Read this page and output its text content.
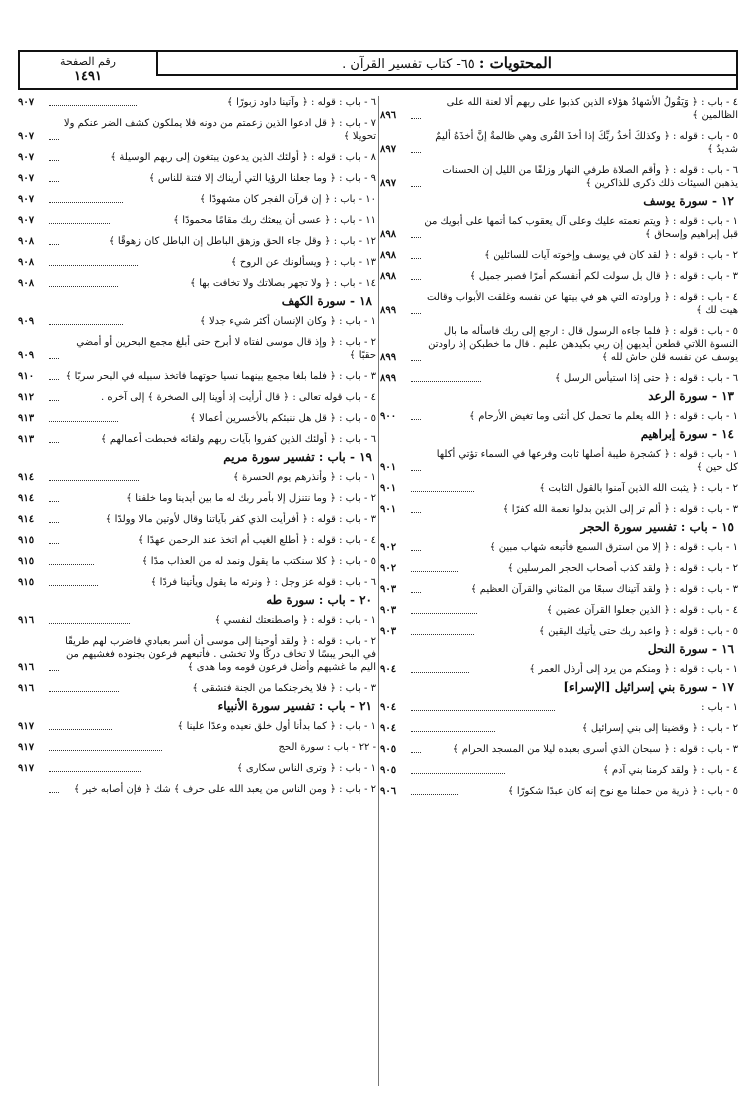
المحتويات : ٦٥- كتاب تفسير القرآن .
رقم الصفحة
١٤٩١
٤ - باب : ﴿ وَيَقُولُ الأشهادُ هؤلاء الذين كذبوا على ربهم ألا لعنة الله على الظالمين ﴾
٨٩٦
٥ - باب : قوله : ﴿ وكذلكَ أخذُ ربِّكَ إذا أخذَ القُرى وهي ظالمةٌ إنَّ أخذَهُ أليمٌ شديدٌ ﴾
٨٩٧
٦ - باب : قوله : ﴿ وأقم الصلاة طرفي النهار وزلفًا من الليل إن الحسنات يذهبن السيئات ذلك ذكرى للذاكرين ﴾
٨٩٧
١٢ - سورة يوسف
١ - باب : قوله : ﴿ ويتم نعمته عليك وعلى آل يعقوب كما أتمها على أبويك من قبل إبراهيم وإسحاق ﴾
٨٩٨
٢ - باب : قوله : ﴿ لقد كان في يوسف وإخوته آيات للسائلين ﴾
٨٩٨
٣ - باب : قوله : ﴿ قال بل سولت لكم أنفسكم أمرًا فصبر جميل ﴾
٨٩٨
٤ - باب : قوله : ﴿ وراودته التي هو في بيتها عن نفسه وغلقت الأبواب وقالت هيت لك ﴾
٨٩٩
٥ - باب : قوله : ﴿ فلما جاءه الرسول قال : ارجع إلى ربك فاسأله ما بال النسوة اللاتي قطعن أيديهن إن ربي بكيدهن عليم . قال ما خطبكن إذ راودتن يوسف عن نفسه قلن حاش لله ﴾
٨٩٩
٦ - باب : قوله : ﴿ حتى إذا استيأس الرسل ﴾
٨٩٩
١٣ - سورة الرعد
١ - باب : قوله : ﴿ الله يعلم ما تحمل كل أنثى وما تغيض الأرحام ﴾
٩٠٠
١٤ - سورة إبراهيم
١ - باب : قوله : ﴿ كشجرة طيبة أصلها ثابت وفرعها في السماء تؤتي أكلها كل حين ﴾
٩٠١
٢ - باب : ﴿ يثبت الله الذين آمنوا بالقول الثابت ﴾
٩٠١
٣ - باب : قوله : ﴿ ألم تر إلى الذين بدلوا نعمة الله كفرًا ﴾
٩٠١
١٥ - باب : تفسير سورة الحجر
١ - باب : قوله : ﴿ إلا من استرق السمع فأتبعه شهاب مبين ﴾
٩٠٢
٢ - باب : قوله : ﴿ ولقد كذب أصحاب الحجر المرسلين ﴾
٩٠٢
٣ - باب : قوله : ﴿ ولقد آتيناك سبعًا من المثاني والقرآن العظيم ﴾
٩٠٣
٤ - باب : قوله : ﴿ الذين جعلوا القرآن عضين ﴾
٩٠٣
٥ - باب : قوله : ﴿ واعبد ربك حتى يأتيك اليقين ﴾
٩٠٣
١٦ - سورة النحل
١ - باب : قوله : ﴿ ومنكم من يرد إلى أرذل العمر ﴾
٩٠٤
١٧ - سورة بني إسرائيل [الإسراء]
١ - باب :
٩٠٤
٢ - باب : ﴿ وقضينا إلى بني إسرائيل ﴾
٩٠٤
٣ - باب : قوله : ﴿ سبحان الذي أسرى بعبده ليلا من المسجد الحرام ﴾
٩٠٥
٤ - باب : ﴿ ولقد كرمنا بني آدم ﴾
٩٠٥
٥ - باب : ﴿ ذرية من حملنا مع نوح إنه كان عبدًا شكورًا ﴾
٩٠٦
٦ - باب : قوله : ﴿ وآتينا داود زبورًا ﴾
٩٠٧
٧ - باب : ﴿ قل ادعوا الذين زعمتم من دونه فلا يملكون كشف الضر عنكم ولا تحويلا ﴾
٩٠٧
٨ - باب : قوله : ﴿ أولئك الذين يدعون يبتغون إلى ربهم الوسيلة ﴾
٩٠٧
٩ - باب : ﴿ وما جعلنا الرؤيا التي أريناك إلا فتنة للناس ﴾
٩٠٧
١٠ - باب : ﴿ إن قرآن الفجر كان مشهودًا ﴾
٩٠٧
١١ - باب : ﴿ عسى أن يبعثك ربك مقامًا محمودًا ﴾
٩٠٧
١٢ - باب : ﴿ وقل جاء الحق وزهق الباطل إن الباطل كان زهوقًا ﴾
٩٠٨
١٣ - باب : ﴿ ويسألونك عن الروح ﴾
٩٠٨
١٤ - باب : ﴿ ولا تجهر بصلاتك ولا تخافت بها ﴾
٩٠٨
١٨ - سورة الكهف
١ - باب : ﴿ وكان الإنسان أكثر شيء جدلا ﴾
٩٠٩
٢ - باب : ﴿ وإذ قال موسى لفتاه لا أبرح حتى أبلغ مجمع البحرين أو أمضي حقبًا ﴾
٩٠٩
٣ - باب : ﴿ فلما بلغا مجمع بينهما نسيا حوتهما فاتخذ سبيله في البحر سربًا ﴾
٩١٠
٤ - باب قوله تعالى : ﴿ قال أرأيت إذ أوينا إلى الصخرة ﴾ إلى آخره .
٩١٢
٥ - باب : ﴿ قل هل ننبئكم بالأخسرين أعمالا ﴾
٩١٣
٦ - باب : ﴿ أولئك الذين كفروا بآيات ربهم ولقائه فحبطت أعمالهم ﴾
٩١٣
١٩ - باب : تفسير سورة مريم
١ - باب : ﴿ وأنذرهم يوم الحسرة ﴾
٩١٤
٢ - باب : ﴿ وما نتنزل إلا بأمر ربك له ما بين أيدينا وما خلفنا ﴾
٩١٤
٣ - باب : قوله : ﴿ أفرأيت الذي كفر بآياتنا وقال لأوتين مالا وولدًا ﴾
٩١٤
٤ - باب : قوله : ﴿ أطلع الغيب أم اتخذ عند الرحمن عهدًا ﴾
٩١٥
٥ - باب : ﴿ كلا سنكتب ما يقول ونمد له من العذاب مدًا ﴾
٩١٥
٦ - باب : قوله عز وجل : ﴿ ونرثه ما يقول ويأتينا فردًا ﴾
٩١٥
٢٠ - باب : سورة طه
١ - باب : قوله : ﴿ واصطنعتك لنفسي ﴾
٩١٦
٢ - باب : قوله : ﴿ ولقد أوحينا إلى موسى أن أسر بعبادي فاضرب لهم طريقًا في البحر يبسًا لا تخاف دركًا ولا تخشى . فأتبعهم فرعون بجنوده فغشيهم من اليم ما غشيهم وأضل فرعون قومه وما هدى ﴾
٩١٦
٣ - باب : ﴿ فلا يخرجنكما من الجنة فتشقى ﴾
٩١٦
٢١ - باب : تفسير سورة الأنبياء
١ - باب : ﴿ كما بدأنا أول خلق نعيده وعدًا علينا ﴾
٩١٧
- ٢٢ - باب : سورة الحج
٩١٧
١ - باب : ﴿ وترى الناس سكارى ﴾
٩١٧
٢ - باب : ﴿ ومن الناس من يعبد الله على حرف ﴾ شك ﴿ فإن أصابه خير ﴾
